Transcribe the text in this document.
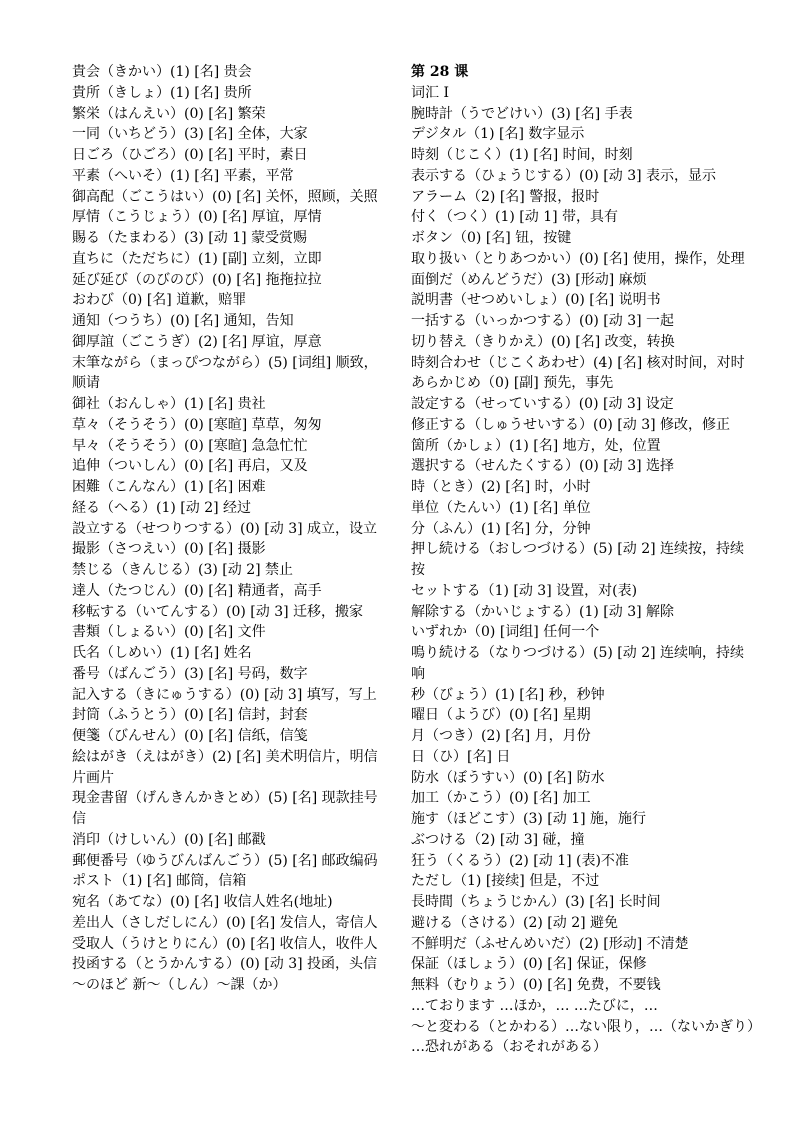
貴会（きかい）(1) [名] 贵会
貴所（きしょ）(1) [名] 贵所
繁栄（はんえい）(0) [名] 繁荣
一同（いちどう）(3) [名] 全体，大家
日ごろ（ひごろ）(0) [名] 平时，素日
平素（へいそ）(1) [名] 平素，平常
御高配（ごこうはい）(0) [名] 关怀，照顾，关照
厚情（こうじょう）(0) [名] 厚谊，厚情
賜る（たまわる）(3) [动 1] 蒙受赏赐
直ちに（ただちに）(1) [副] 立刻，立即
延び延び（のびのび）(0) [名] 拖拖拉拉
おわび（0) [名] 道歉，赔罪
通知（つうち）(0) [名] 通知，告知
御厚誼（ごこうぎ）(2) [名] 厚谊，厚意
末筆ながら（まっぴつながら）(5) [词组] 顺致，顺请
御社（おんしゃ）(1) [名] 贵社
草々（そうそう）(0) [寒暄] 草草，匆匆
早々（そうそう）(0) [寒暄] 急急忙忙
追伸（ついしん）(0) [名] 再启，又及
困難（こんなん）(1) [名] 困难
経る（へる）(1) [动 2] 经过
設立する（せつりつする）(0) [动 3] 成立，设立
撮影（さつえい）(0) [名] 摄影
禁じる（きんじる）(3) [动 2] 禁止
達人（たつじん）(0) [名] 精通者，高手
移転する（いてんする）(0) [动 3] 迁移，搬家
書類（しょるい）(0) [名] 文件
氏名（しめい）(1) [名] 姓名
番号（ばんごう）(3) [名] 号码，数字
記入する（きにゅうする）(0) [动 3] 填写，写上
封筒（ふうとう）(0) [名] 信封，封套
便箋（びんせん）(0) [名] 信纸，信笺
絵はがき（えはがき）(2) [名] 美术明信片，明信片画片
現金書留（げんきんかきとめ）(5) [名] 现款挂号信
消印（けしいん）(0) [名] 邮戳
郵便番号（ゆうびんばんごう）(5) [名] 邮政编码
ポスト（1) [名] 邮筒，信箱
宛名（あてな）(0) [名] 收信人姓名(地址)
差出人（さしだしにん）(0) [名] 发信人，寄信人
受取人（うけとりにん）(0) [名] 收信人，收件人
投函する（とうかんする）(0) [动 3] 投函，头信
～のほど 新～（しん）～課（か）
第 28 课
词汇 I
腕時計（うでどけい）(3) [名] 手表
デジタル（1) [名] 数字显示
時刻（じこく）(1) [名] 时间，时刻
表示する（ひょうじする）(0) [动 3] 表示，显示
アラーム（2) [名] 警报，报时
付く（つく）(1) [动 1] 带，具有
ボタン（0) [名] 钮，按键
取り扱い（とりあつかい）(0) [名] 使用，操作，处理
面倒だ（めんどうだ）(3) [形动] 麻烦
説明書（せつめいしょ）(0) [名] 说明书
一括する（いっかつする）(0) [动 3] 一起
切り替え（きりかえ）(0) [名] 改变，转换
時刻合わせ（じこくあわせ）(4) [名] 核对时间，对时
あらかじめ（0) [副] 预先，事先
設定する（せっていする）(0) [动 3] 设定
修正する（しゅうせいする）(0) [动 3] 修改，修正
箇所（かしょ）(1) [名] 地方，处，位置
選択する（せんたくする）(0) [动 3] 选择
時（とき）(2) [名] 时，小时
単位（たんい）(1) [名] 单位
分（ふん）(1) [名] 分，分钟
押し続ける（おしつづける）(5) [动 2] 连续按，持续按
セットする（1) [动 3] 设置，对(表)
解除する（かいじょする）(1) [动 3] 解除
いずれか（0) [词组] 任何一个
鳴り続ける（なりつづける）(5) [动 2] 连续响，持续响
秒（びょう）(1) [名] 秒，秒钟
曜日（ようび）(0) [名] 星期
月（つき）(2) [名] 月，月份
日（ひ）[名] 日
防水（ぼうすい）(0) [名] 防水
加工（かこう）(0) [名] 加工
施す（ほどこす）(3) [动 1] 施，施行
ぶつける（2) [动 3] 碰，撞
狂う（くるう）(2) [动 1] (表)不准
ただし（1) [接续] 但是，不过
長時間（ちょうじかん）(3) [名] 长时间
避ける（さける）(2) [动 2] 避免
不鮮明だ（ふせんめいだ）(2) [形动] 不清楚
保証（ほしょう）(0) [名] 保证，保修
無料（むりょう）(0) [名] 免费，不要钱
…ております …ほか，… …たびに，…
～と変わる（とかわる）…ない限り，…（ないかぎり）
…恐れがある（おそれがある）
